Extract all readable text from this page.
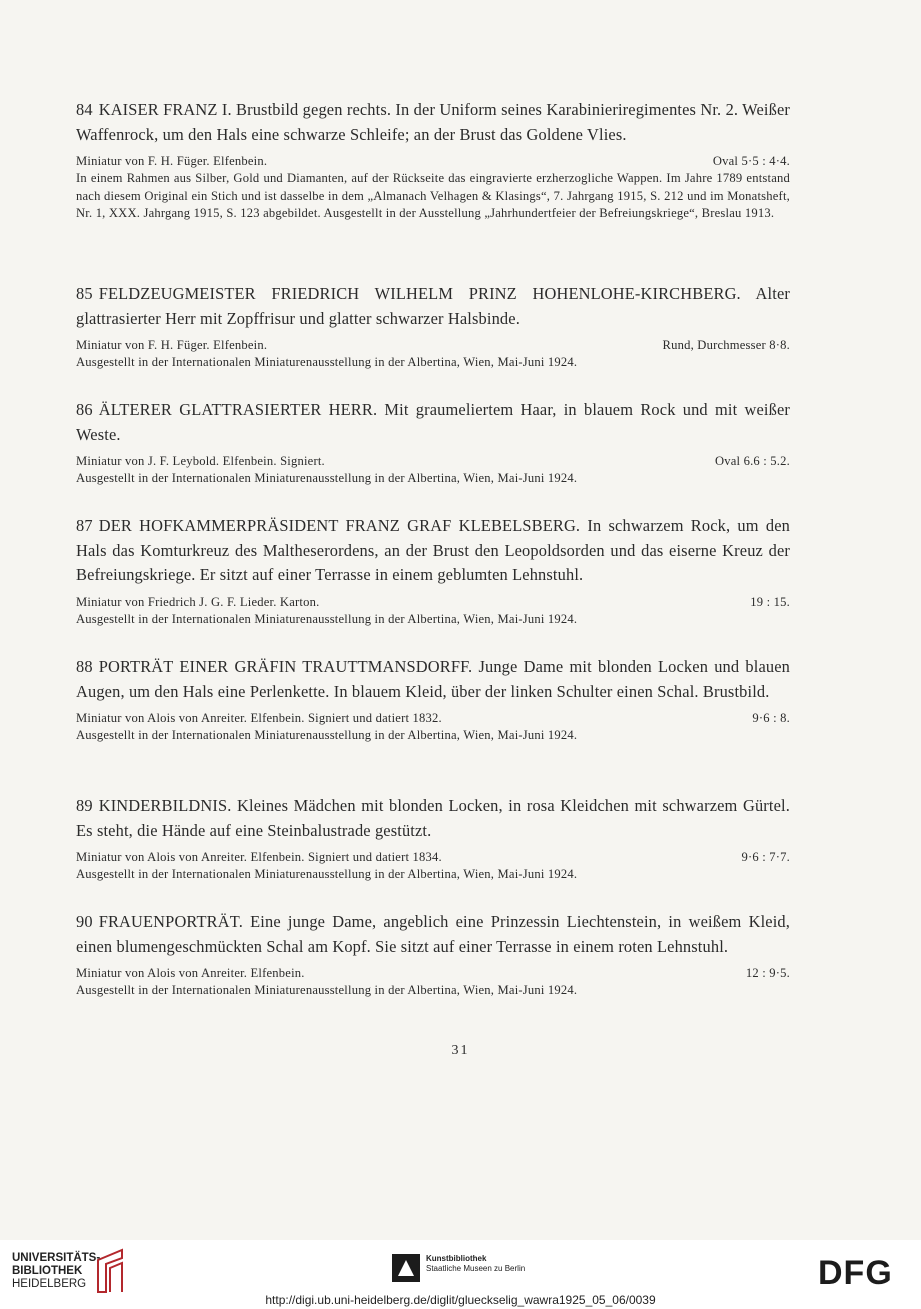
84 KAISER FRANZ I. Brustbild gegen rechts. In der Uniform seines Karabinieriregimentes Nr. 2. Weißer Waffenrock, um den Hals eine schwarze Schleife; an der Brust das Goldene Vlies.
Miniatur von F. H. Füger. Elfenbein.	Oval 5·5 : 4·4.
In einem Rahmen aus Silber, Gold und Diamanten, auf der Rückseite das eingravierte erzherzogliche Wappen. Im Jahre 1789 entstand nach diesem Original ein Stich und ist dasselbe in dem „Almanach Velhagen & Klasings“, 7. Jahrgang 1915, S. 212 und im Monatsheft, Nr. 1, XXX. Jahrgang 1915, S. 123 abgebildet. Ausgestellt in der Ausstellung „Jahrhundertfeier der Befreiungskriege“, Breslau 1913.
85 FELDZEUGMEISTER FRIEDRICH WILHELM PRINZ HOHENLOHE-KIRCHBERG. Alter glattrasierter Herr mit Zopffrisur und glatter schwarzer Halsbinde.
Miniatur von F. H. Füger. Elfenbein.	Rund, Durchmesser 8·8.
Ausgestellt in der Internationalen Miniaturenausstellung in der Albertina, Wien, Mai-Juni 1924.
86 ÄLTERER GLATTRASIERTER HERR. Mit graumeliertem Haar, in blauem Rock und mit weißer Weste.
Miniatur von J. F. Leybold. Elfenbein. Signiert.	Oval 6.6 : 5.2.
Ausgestellt in der Internationalen Miniaturenausstellung in der Albertina, Wien, Mai-Juni 1924.
87 DER HOFKAMMERPRÄSIDENT FRANZ GRAF KLEBELSBERG. In schwarzem Rock, um den Hals das Komturkreuz des Maltheserordens, an der Brust den Leopoldsorden und das eiserne Kreuz der Befreiungskriege. Er sitzt auf einer Terrasse in einem geblumten Lehnstuhl.
Miniatur von Friedrich J. G. F. Lieder. Karton.	19 : 15.
Ausgestellt in der Internationalen Miniaturenausstellung in der Albertina, Wien, Mai-Juni 1924.
88 PORTRÄT EINER GRÄFIN TRAUTTMANSDORFF. Junge Dame mit blonden Locken und blauen Augen, um den Hals eine Perlenkette. In blauem Kleid, über der linken Schulter einen Schal. Brustbild.
Miniatur von Alois von Anreiter. Elfenbein. Signiert und datiert 1832.	9·6 : 8.
Ausgestellt in der Internationalen Miniaturenausstellung in der Albertina, Wien, Mai-Juni 1924.
89 KINDERBILDNIS. Kleines Mädchen mit blonden Locken, in rosa Kleidchen mit schwarzem Gürtel. Es steht, die Hände auf eine Steinbalustrade gestützt.
Miniatur von Alois von Anreiter. Elfenbein. Signiert und datiert 1834.	9·6 : 7·7.
Ausgestellt in der Internationalen Miniaturenausstellung in der Albertina, Wien, Mai-Juni 1924.
90 FRAUENPORTRÄT. Eine junge Dame, angeblich eine Prinzessin Liechtenstein, in weißem Kleid, einen blumengeschmückten Schal am Kopf. Sie sitzt auf einer Terrasse in einem roten Lehnstuhl.
Miniatur von Alois von Anreiter. Elfenbein.	12 : 9·5.
Ausgestellt in der Internationalen Miniaturenausstellung in der Albertina, Wien, Mai-Juni 1924.
31
UNIVERSITÄTS-
BIBLIOTHEK
HEIDELBERG
Kunstbibliothek
Staatliche Museen zu Berlin	DFG
http://digi.ub.uni-heidelberg.de/diglit/glueckselig_wawra1925_05_06/0039
